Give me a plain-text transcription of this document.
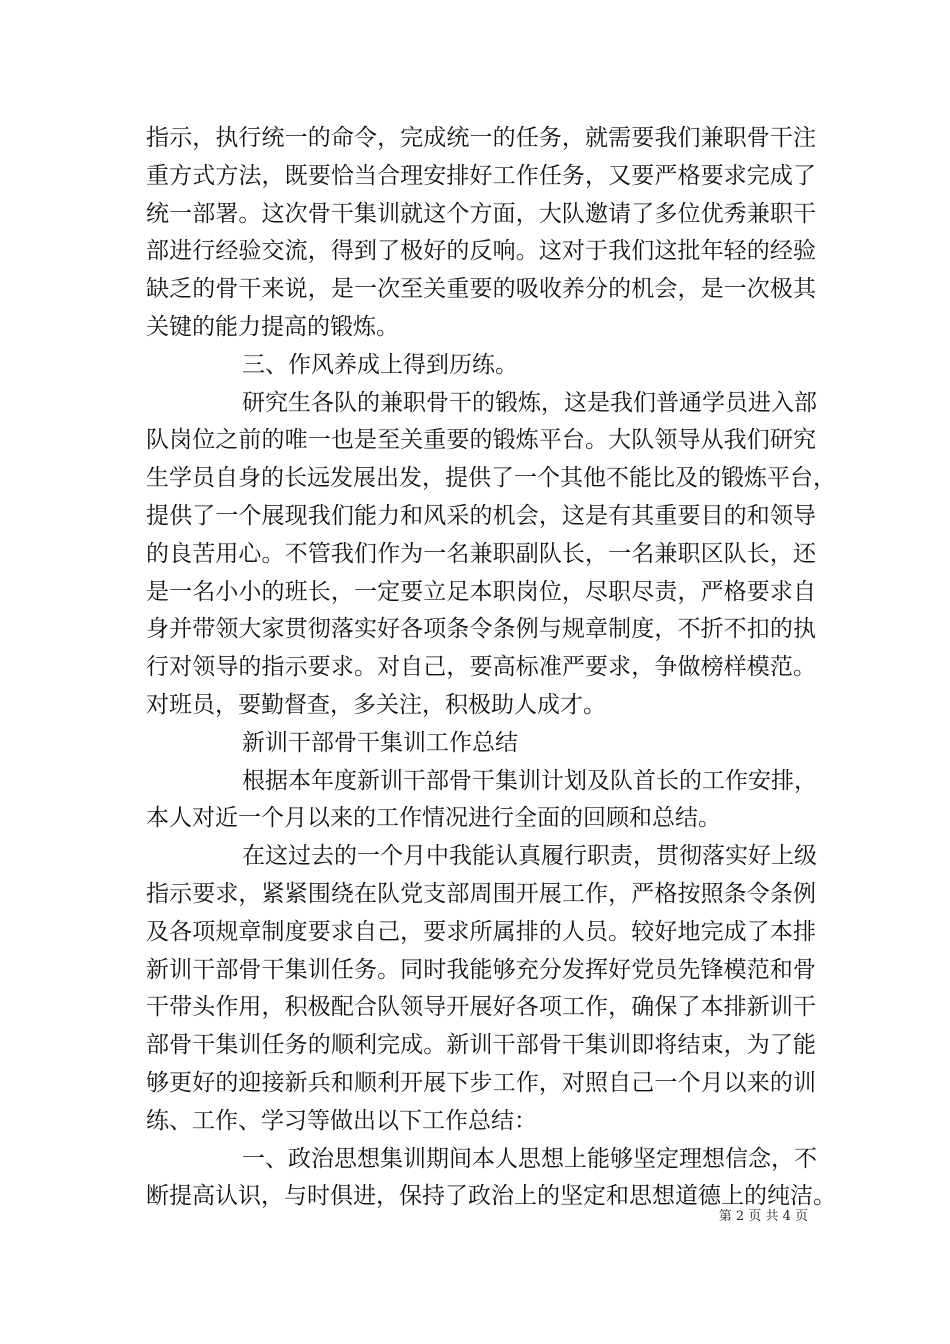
指示，执行统一的命令，完成统一的任务，就需要我们兼职骨干注
重方式方法，既要恰当合理安排好工作任务，又要严格要求完成了
统一部署。这次骨干集训就这个方面，大队邀请了多位优秀兼职干
部进行经验交流，得到了极好的反响。这对于我们这批年轻的经验
缺乏的骨干来说，是一次至关重要的吸收养分的机会，是一次极其
关键的能力提高的锻炼。
三、作风养成上得到历练。
研究生各队的兼职骨干的锻炼，这是我们普通学员进入部
队岗位之前的唯一也是至关重要的锻炼平台。大队领导从我们研究
生学员自身的长远发展出发，提供了一个其他不能比及的锻炼平台，
提供了一个展现我们能力和风采的机会，这是有其重要目的和领导
的良苦用心。不管我们作为一名兼职副队长，一名兼职区队长，还
是一名小小的班长，一定要立足本职岗位，尽职尽责，严格要求自
身并带领大家贯彻落实好各项条令条例与规章制度，不折不扣的执
行对领导的指示要求。对自己，要高标准严要求，争做榜样模范。
对班员，要勤督查，多关注，积极助人成才。
新训干部骨干集训工作总结
根据本年度新训干部骨干集训计划及队首长的工作安排，
本人对近一个月以来的工作情况进行全面的回顾和总结。
在这过去的一个月中我能认真履行职责，贯彻落实好上级
指示要求，紧紧围绕在队党支部周围开展工作，严格按照条令条例
及各项规章制度要求自己，要求所属排的人员。较好地完成了本排
新训干部骨干集训任务。同时我能够充分发挥好党员先锋模范和骨
干带头作用，积极配合队领导开展好各项工作，确保了本排新训干
部骨干集训任务的顺利完成。新训干部骨干集训即将结束，为了能
够更好的迎接新兵和顺利开展下步工作，对照自己一个月以来的训
练、工作、学习等做出以下工作总结：
一、政治思想集训期间本人思想上能够坚定理想信念，不
断提高认识，与时俱进，保持了政治上的坚定和思想道德上的纯洁。
第 2 页 共 4 页
